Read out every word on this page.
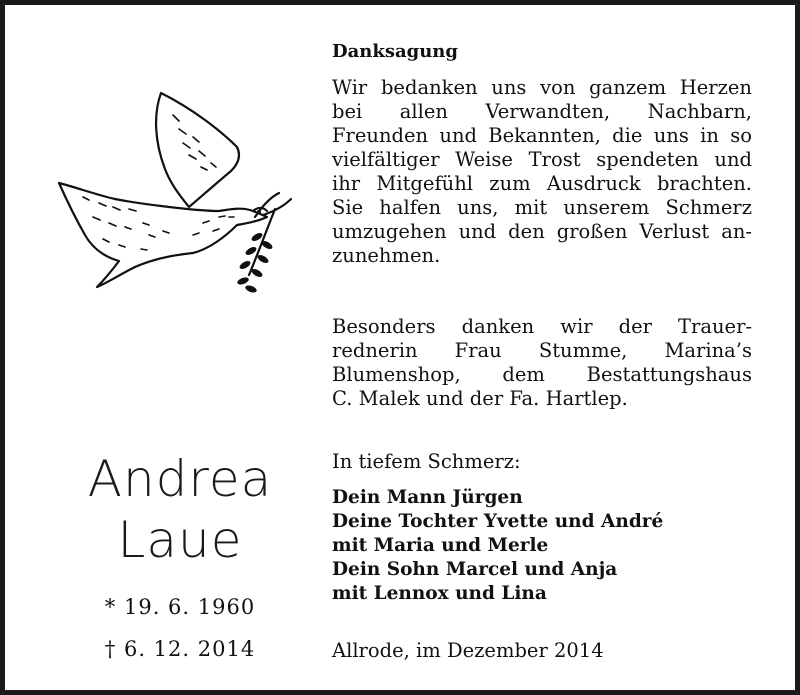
Andrea
Laue
* 19. 6. 1960
† 6. 12. 2014
Danksagung
Wir bedanken uns von ganzem Herzen
bei allen Verwandten, Nachbarn,
Freunden und Bekannten, die uns in so
vielfältiger Weise Trost spendeten und
ihr Mitgefühl zum Ausdruck brachten.
Sie halfen uns, mit unserem Schmerz
umzugehen und den großen Verlust an-
zunehmen.
Besonders danken wir der Trauer-
rednerin Frau Stumme, Marina’s
Blumenshop, dem Bestattungshaus
C. Malek und der Fa. Hartlep.
In tiefem Schmerz:
Dein Mann Jürgen
Deine Tochter Yvette und André
mit Maria und Merle
Dein Sohn Marcel und Anja
mit Lennox und Lina
Allrode, im Dezember 2014
